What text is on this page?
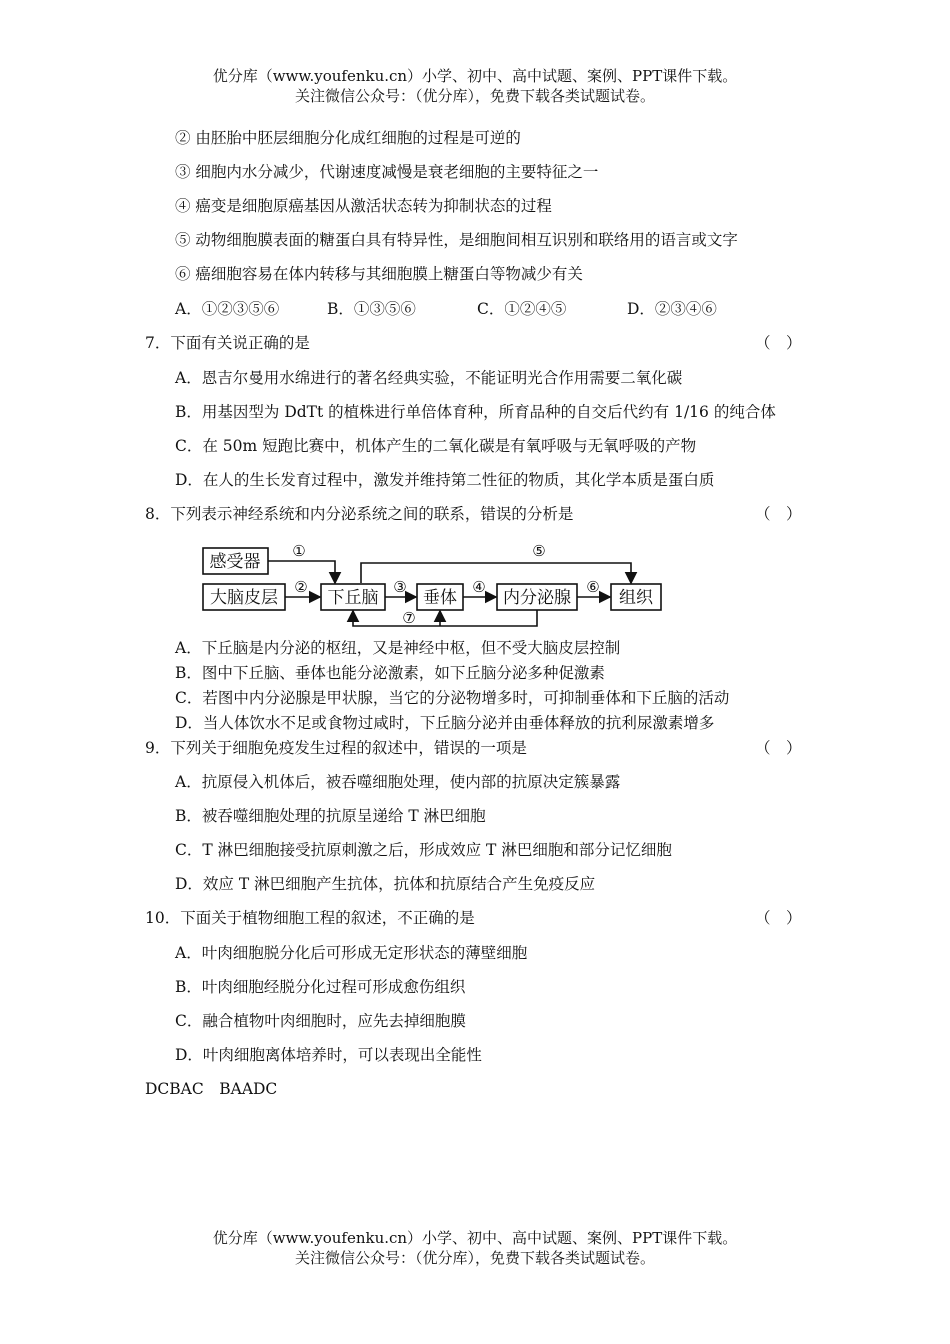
优分库（www.youfenku.cn）小学、初中、高中试题、案例、PPT课件下载。

关注微信公众号：（优分库），免费下载各类试题试卷。

② 由胚胎中胚层细胞分化成红细胞的过程是可逆的
③ 细胞内水分减少，代谢速度减慢是衰老细胞的主要特征之一
④ 癌变是细胞原癌基因从激活状态转为抑制状态的过程
⑤ 动物细胞膜表面的糖蛋白具有特异性，是细胞间相互识别和联络用的语言或文字
⑥ 癌细胞容易在体内转移与其细胞膜上糖蛋白等物减少有关
A．①②③⑤⑥	B．①③⑤⑥	C．①②④⑤	D．②③④⑥
7．下面有关说正确的是	（　）
A．恩吉尔曼用水绵进行的著名经典实验，不能证明光合作用需要二氧化碳
B．用基因型为 DdTt 的植株进行单倍体育种，所育品种的自交后代约有 1/16 的纯合体
C．在 50m 短跑比赛中，机体产生的二氧化碳是有氧呼吸与无氧呼吸的产物
D．在人的生长发育过程中，激发并维持第二性征的物质，其化学本质是蛋白质
8．下列表示神经系统和内分泌系统之间的联系，错误的分析是	（　）
感受器
大脑皮层	下丘脑	垂体	内分泌腺	组织
①
②	③	④
⑤
⑥
⑦
A．下丘脑是内分泌的枢纽，又是神经中枢，但不受大脑皮层控制
B．图中下丘脑、垂体也能分泌激素，如下丘脑分泌多种促激素
C．若图中内分泌腺是甲状腺，当它的分泌物增多时，可抑制垂体和下丘脑的活动
D．当人体饮水不足或食物过咸时，下丘脑分泌并由垂体释放的抗利尿激素增多
9．下列关于细胞免疫发生过程的叙述中，错误的一项是	（　）
A．抗原侵入机体后，被吞噬细胞处理，使内部的抗原决定簇暴露
B．被吞噬细胞处理的抗原呈递给 T 淋巴细胞
C．T 淋巴细胞接受抗原刺激之后，形成效应 T 淋巴细胞和部分记忆细胞
D．效应 T 淋巴细胞产生抗体，抗体和抗原结合产生免疫反应
10．下面关于植物细胞工程的叙述，不正确的是	（　）
A．叶肉细胞脱分化后可形成无定形状态的薄壁细胞
B．叶肉细胞经脱分化过程可形成愈伤组织
C．融合植物叶肉细胞时，应先去掉细胞膜
D．叶肉细胞离体培养时，可以表现出全能性
DCBAC　BAADC

优分库（www.youfenku.cn）小学、初中、高中试题、案例、PPT课件下载。

关注微信公众号：（优分库），免费下载各类试题试卷。
